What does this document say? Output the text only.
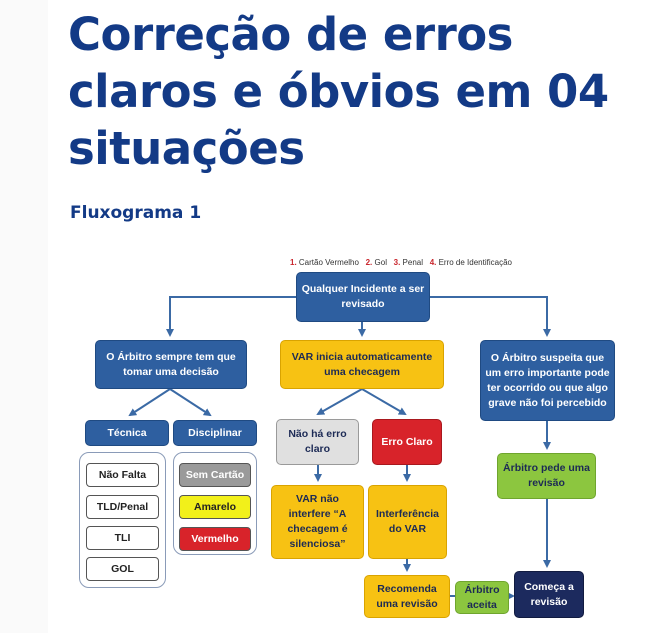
Correção de erros
claros e óbvios em 04
situações
Fluxograma 1
1. Cartão Vermelho 2. Gol 3. Penal 4. Erro de Identificação
Qualquer Incidente a ser revisado
O Árbitro sempre tem que tomar uma decisão
VAR inicia automaticamente uma checagem
O Árbitro suspeita que um erro importante pode ter ocorrido ou que algo grave não foi percebido
Técnica	Disciplinar	Não há erro claro
Erro Claro
Árbitro pede uma revisão
Não Falta
TLD/Penal
TLI
GOL
Sem Cartão
Amarelo
Vermelho
VAR não interfere “A checagem é silenciosa”
Interferência do VAR
Recomenda uma revisão
Árbitro aceita
Começa a revisão
